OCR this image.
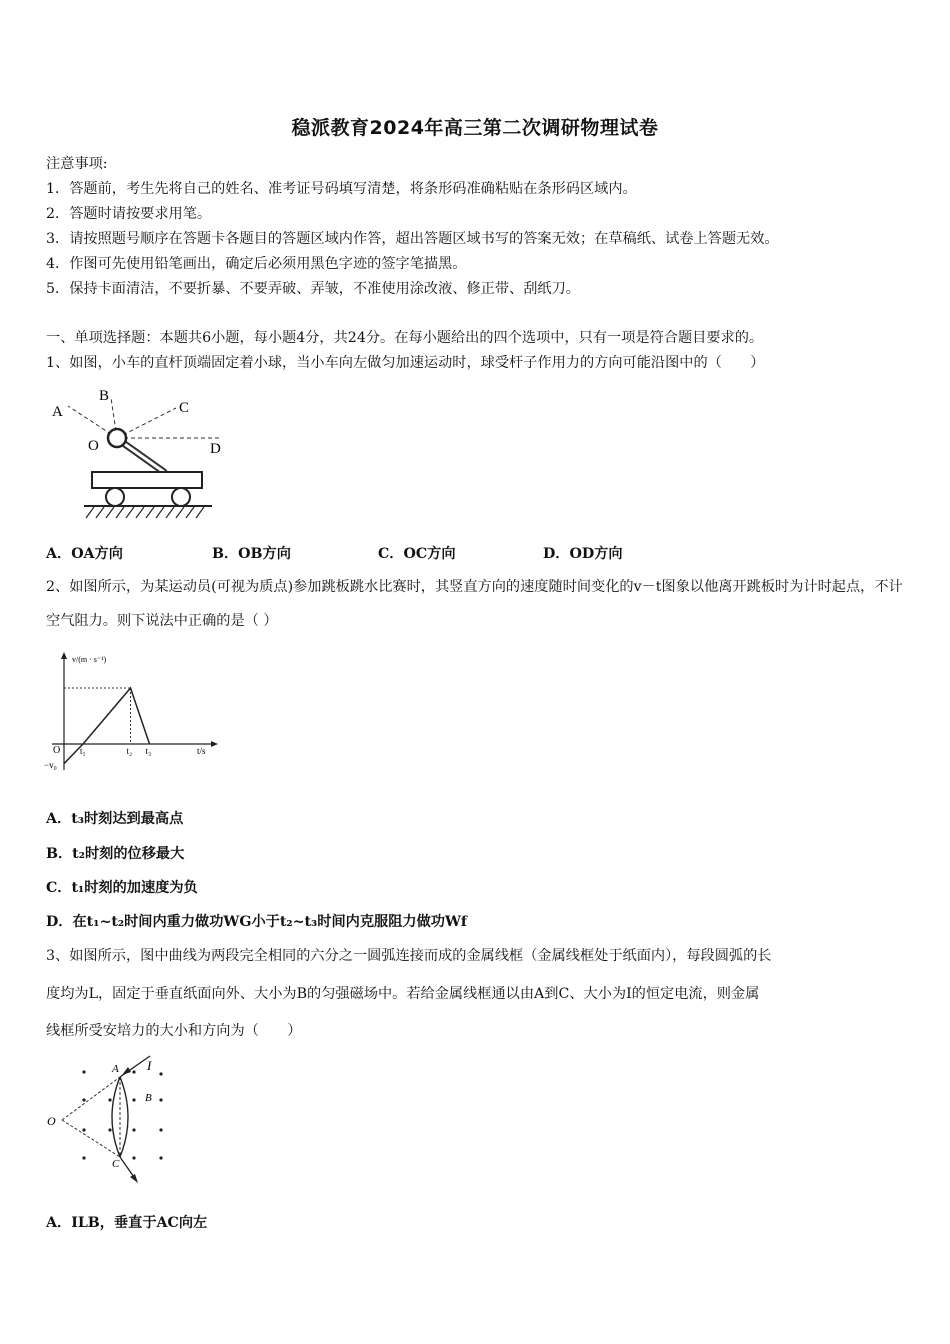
稳派教育2024年高三第二次调研物理试卷
注意事项:
1．答题前，考生先将自己的姓名、准考证号码填写清楚，将条形码准确粘贴在条形码区域内。
2．答题时请按要求用笔。
3．请按照题号顺序在答题卡各题目的答题区域内作答，超出答题区域书写的答案无效；在草稿纸、试卷上答题无效。
4．作图可先使用铅笔画出，确定后必须用黑色字迹的签字笔描黑。
5．保持卡面清洁，不要折暴、不要弄破、弄皱，不准使用涂改液、修正带、刮纸刀。
一、单项选择题：本题共6小题，每小题4分，共24分。在每小题给出的四个选项中，只有一项是符合题目要求的。
1、如图，小车的直杆顶端固定着小球，当小车向左做匀加速运动时，球受杆子作用力的方向可能沿图中的（　　）
A
B
C
O	D
A．OA方向	B．OB方向	C．OC方向	D．OD方向
2、如图所示，为某运动员(可视为质点)参加跳板跳水比赛时，其竖直方向的速度随时间变化的v－t图象以他离开跳板时为计时起点，不计空气阻力。则下说法中正确的是（ ）
v/(m · s⁻¹)
O
−v₀
t₁	t₂ t₃	t/s
A．t₃时刻达到最高点
B．t₂时刻的位移最大
C．t₁时刻的加速度为负
D．在t₁~t₂时间内重力做功WG小于t₂~t₃时间内克服阻力做功Wf
3、如图所示，图中曲线为两段完全相同的六分之一圆弧连接而成的金属线框（金属线框处于纸面内），每段圆弧的长
度均为L，固定于垂直纸面向外、大小为B的匀强磁场中。若给金属线框通以由A到C、大小为I的恒定电流，则金属
线框所受安培力的大小和方向为（　　）
A I
B
O
C
A．ILB，垂直于AC向左
